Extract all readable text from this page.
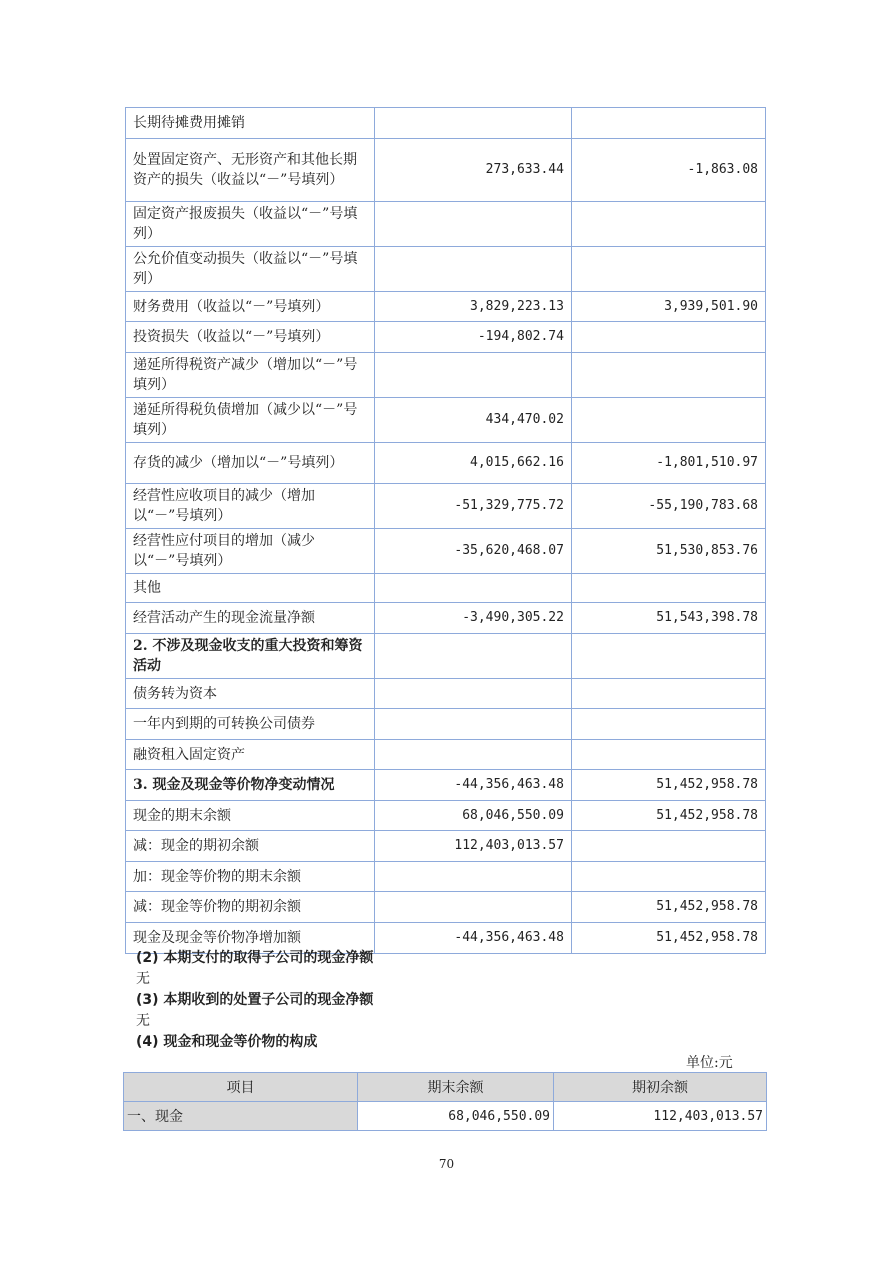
长期待摊费用摊销		
处置固定资产、无形资产和其他长期资产的损失（收益以“－”号填列）	273,633.44	-1,863.08
固定资产报废损失（收益以“－”号填列）		
公允价值变动损失（收益以“－”号填列）		
财务费用（收益以“－”号填列）	3,829,223.13	3,939,501.90
投资损失（收益以“－”号填列）	-194,802.74	
递延所得税资产减少（增加以“－”号填列）		
递延所得税负债增加（减少以“－”号填列）	434,470.02	
存货的减少（增加以“－”号填列）	4,015,662.16	-1,801,510.97
经营性应收项目的减少（增加以“－”号填列）	-51,329,775.72	-55,190,783.68
经营性应付项目的增加（减少以“－”号填列）	-35,620,468.07	51,530,853.76
其他		
经营活动产生的现金流量净额	-3,490,305.22	51,543,398.78
2. 不涉及现金收支的重大投资和筹资活动		
债务转为资本		
一年内到期的可转换公司债券		
融资租入固定资产		
3. 现金及现金等价物净变动情况	-44,356,463.48	51,452,958.78
现金的期末余额	68,046,550.09	51,452,958.78
减：现金的期初余额	112,403,013.57	
加：现金等价物的期末余额		
减：现金等价物的期初余额		51,452,958.78
现金及现金等价物净增加额	-44,356,463.48	51,452,958.78
(2) 本期支付的取得子公司的现金净额
无
(3) 本期收到的处置子公司的现金净额
无
(4) 现金和现金等价物的构成
单位:元
项目	期末余额	期初余额
一、现金	68,046,550.09	112,403,013.57
70
